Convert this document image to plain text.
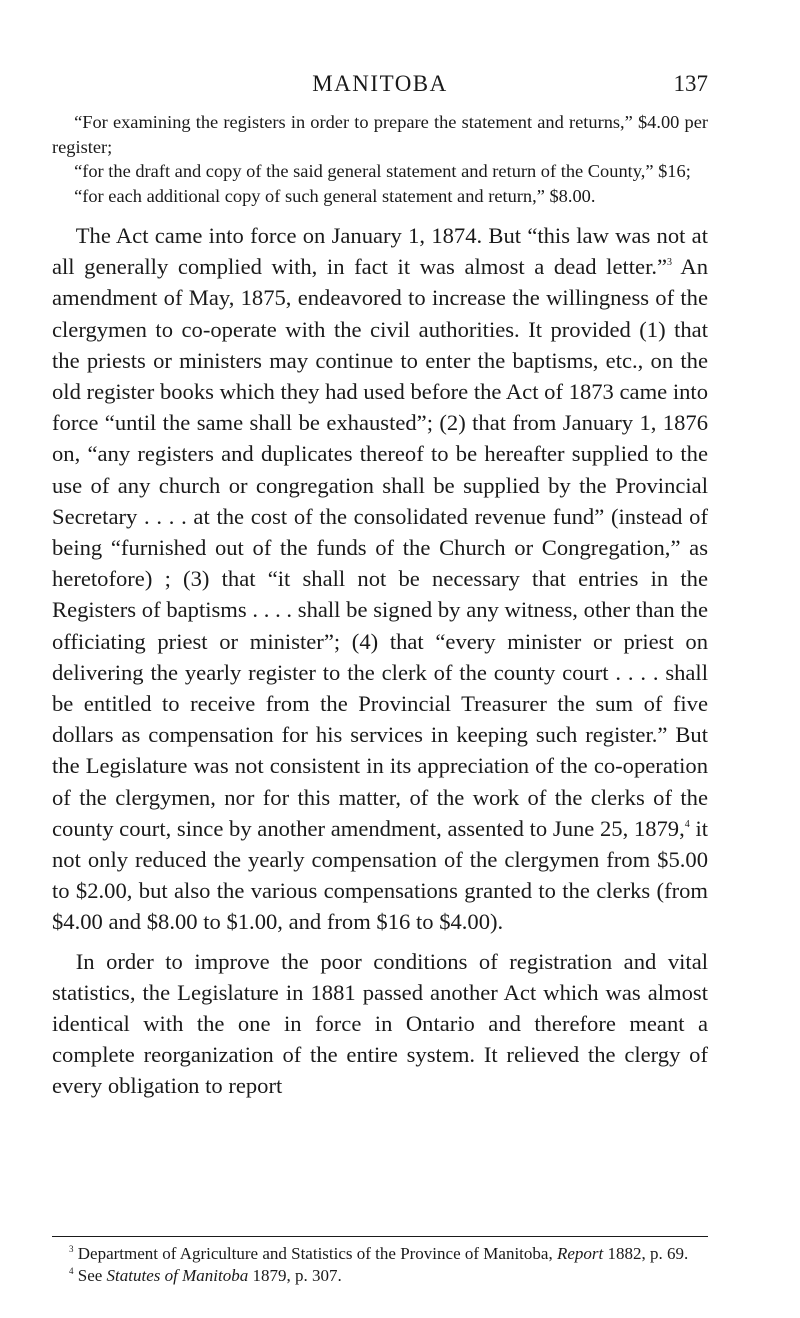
MANITOBA	137

“For examining the registers in order to prepare the statement and returns,” $4.00 per register;

“for the draft and copy of the said general statement and return of the County,” $16;

“for each additional copy of such general statement and return,” $8.00.

The Act came into force on January 1, 1874. But “this law was not at all generally complied with, in fact it was almost a dead letter.”$^3$ An amendment of May, 1875, endeavored to increase the willingness of the clergymen to co-operate with the civil authorities. It provided (1) that the priests or ministers may continue to enter the baptisms, etc., on the old register books which they had used before the Act of 1873 came into force “until the same shall be exhausted”; (2) that from January 1, 1876 on, “any registers and duplicates thereof to be hereafter supplied to the use of any church or congregation shall be supplied by the Provincial Secretary . . . . at the cost of the consolidated revenue fund” (instead of being “furnished out of the funds of the Church or Congregation,” as heretofore) ; (3) that “it shall not be necessary that entries in the Registers of baptisms . . . . shall be signed by any witness, other than the officiating priest or minister”; (4) that “every minister or priest on delivering the yearly register to the clerk of the county court . . . . shall be entitled to receive from the Provincial Treasurer the sum of five dollars as compensation for his services in keeping such register.” But the Legislature was not consistent in its appreciation of the co-operation of the clergymen, nor for this matter, of the work of the clerks of the county court, since by another amendment, assented to June 25, 1879,$^4$ it not only reduced the yearly compensation of the clergymen from $5.00 to $2.00, but also the various compensations granted to the clerks (from $4.00 and $8.00 to $1.00, and from $16 to $4.00).

In order to improve the poor conditions of registration and vital statistics, the Legislature in 1881 passed another Act which was almost identical with the one in force in Ontario and therefore meant a complete reorganization of the entire system. It relieved the clergy of every obligation to report

$^3$ Department of Agriculture and Statistics of the Province of Manitoba, Report 1882, p. 69.

$^4$ See Statutes of Manitoba 1879, p. 307.
